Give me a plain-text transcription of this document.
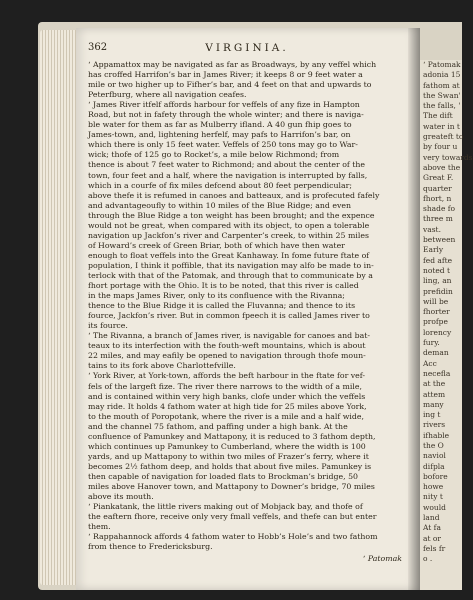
‘ Patomak
adonia 15
fathom at
the Swan'
the falls, '
The dift
water in t
greateft to
by four u
very towards
above the
Great F.
quarter
fhort, n
shade fo
three m
vast.
between
Early
fed afte
noted t
ling, an
prefidin
will be
fhorter
profpe
lorency
fury.
deman
Acc
necefla
at the
attem
many
ing t
rivers
ifhable
the O
naviol
difpla
bofore
howe
nity t
would
land
At fa
at or
fels fr
o .
362	VIRGINIA.
‘ Appamattox may be navigated as far as Broadways, by any veffel which
has croffed Harrifon’s bar in James River; it keeps 8 or 9 feet water a
mile or two higher up to Fifher’s bar, and 4 feet on that and upwards to
Peterfburg, where all navigation ceafes.
‘ James River itfelf affords harbour for veffels of any fize in Hampton
Road, but not in fafety through the whole winter; and there is naviga-
ble water for them as far as Mulberry ifland. A 40 gun fhip goes to
James-town, and, lightening herfelf, may pafs to Harrifon’s bar, on
which there is only 15 feet water. Veffels of 250 tons may go to War-
wick; thofe of 125 go to Rocket’s, a mile below Richmond; from
thence is about 7 feet water to Richmond; and about the center of the
town, four feet and a half, where the navigation is interrupted by falls,
which in a courfe of fix miles defcend about 80 feet perpendicular;
above thefe it is refumed in canoes and batteaux, and is profecuted fafely
and advantageoufly to within 10 miles of the Blue Ridge; and even
through the Blue Ridge a ton weight has been brought; and the expence
would not be great, when compared with its object, to open a tolerable
navigation up Jackfon’s river and Carpenter’s creek, to within 25 miles
of Howard’s creek of Green Briar, both of which have then water
enough to float veffels into the Great Kanhaway. In fome future ftate of
population, I think it poffible, that its navigation may alfo be made to in-
terlock with that of the Patomak, and through that to communicate by a
fhort portage with the Ohio. It is to be noted, that this river is called
in the maps James River, only to its confluence with the Rivanna;
thence to the Blue Ridge it is called the Fluvanna; and thence to its
fource, Jackfon’s river. But in common fpeech it is called James river to
its fource.
‘ The Rivanna, a branch of James river, is navigable for canoes and bat-
teaux to its interfection with the fouth-weft mountains, which is about
22 miles, and may eafily be opened to navigation through thofe moun-
tains to its fork above Charlottefville.
‘ York River, at York-town, affords the beft harbour in the ftate for vef-
fels of the largeft fize. The river there narrows to the width of a mile,
and is contained within very high banks, clofe under which the veffels
may ride. It holds 4 fathom water at high tide for 25 miles above York,
to the mouth of Poropotank, where the river is a mile and a half wide,
and the channel 75 fathom, and paffing under a high bank. At the
confluence of Pamunkey and Mattapony, it is reduced to 3 fathom depth,
which continues up Pamunkey to Cumberland, where the width is 100
yards, and up Mattapony to within two miles of Frazer’s ferry, where it
becomes 2½ fathom deep, and holds that about five miles. Pamunkey is
then capable of navigation for loaded flats to Brockman’s bridge, 50
miles above Hanover town, and Mattapony to Downer’s bridge, 70 miles
above its mouth.
‘ Piankatank, the little rivers making out of Mobjack bay, and thofe of
the eaftern fhore, receive only very fmall veffels, and thefe can but enter
them.
‘ Rappahannock affords 4 fathom water to Hobb’s Hole’s and two fathom
from thence to Fredericksburg.
‘ Patomak
